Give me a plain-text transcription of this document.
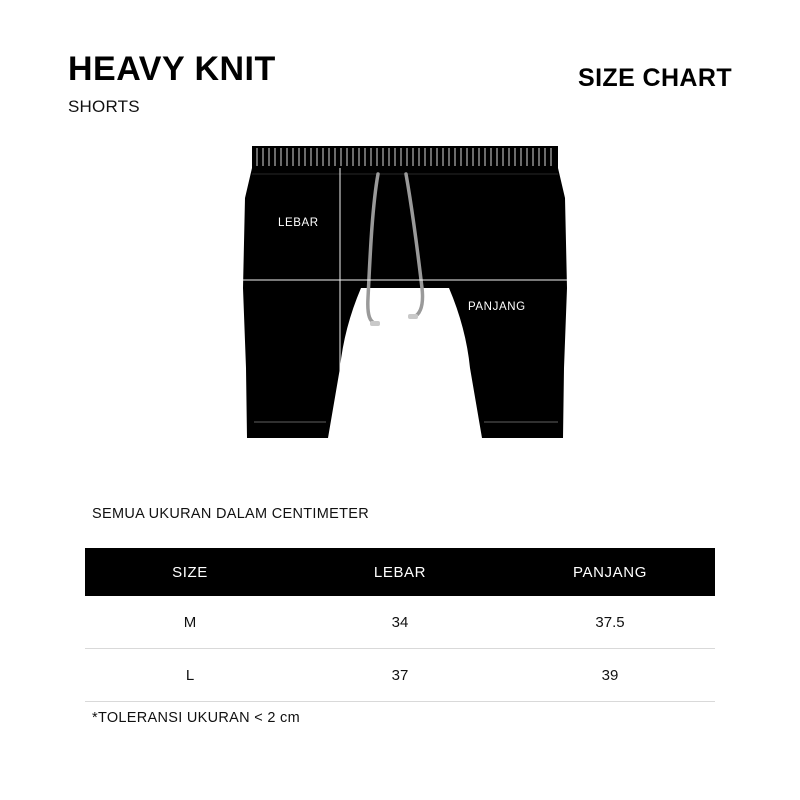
HEAVY KNIT
SHORTS
SIZE CHART
LEBAR
PANJANG
SEMUA UKURAN DALAM CENTIMETER
SIZE	LEBAR	PANJANG
M	34	37.5
L	37	39
*TOLERANSI UKURAN < 2 cm
